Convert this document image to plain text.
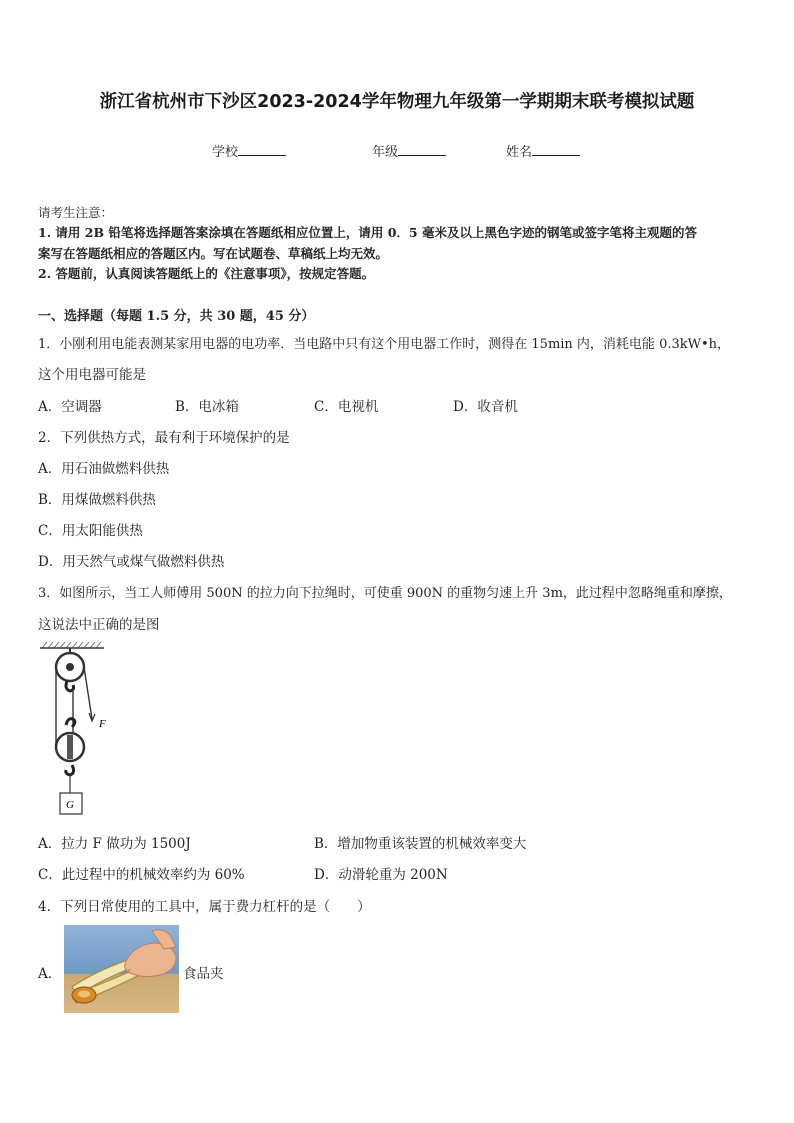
浙江省杭州市下沙区2023-2024学年物理九年级第一学期期末联考模拟试题
学校	年级	姓名
请考生注意：
1. 请用 2B 铅笔将选择题答案涂填在答题纸相应位置上，请用 0．5 毫米及以上黑色字迹的钢笔或签字笔将主观题的答
案写在答题纸相应的答题区内。写在试题卷、草稿纸上均无效。
2. 答题前，认真阅读答题纸上的《注意事项》，按规定答题。
一、选择题（每题 1.5 分，共 30 题，45 分）
1．小刚利用电能表测某家用电器的电功率．当电路中只有这个用电器工作时，测得在 15min 内，消耗电能 0.3kW•h，
这个用电器可能是
A．空调器	B．电冰箱	C．电视机	D．收音机
2．下列供热方式，最有利于环境保护的是
A．用石油做燃料供热
B．用煤做燃料供热
C．用太阳能供热
D．用天然气或煤气做燃料供热
3．如图所示，当工人师傅用 500N 的拉力向下拉绳时，可使重 900N 的重物匀速上升 3m，此过程中忽略绳重和摩擦，
这说法中正确的是图
F
G
A．拉力 F 做功为 1500J	B．增加物重该装置的机械效率变大
C．此过程中的机械效率约为 60%	D．动滑轮重为 200N
4．下列日常使用的工具中，属于费力杠杆的是（　　）
A．	食品夹
